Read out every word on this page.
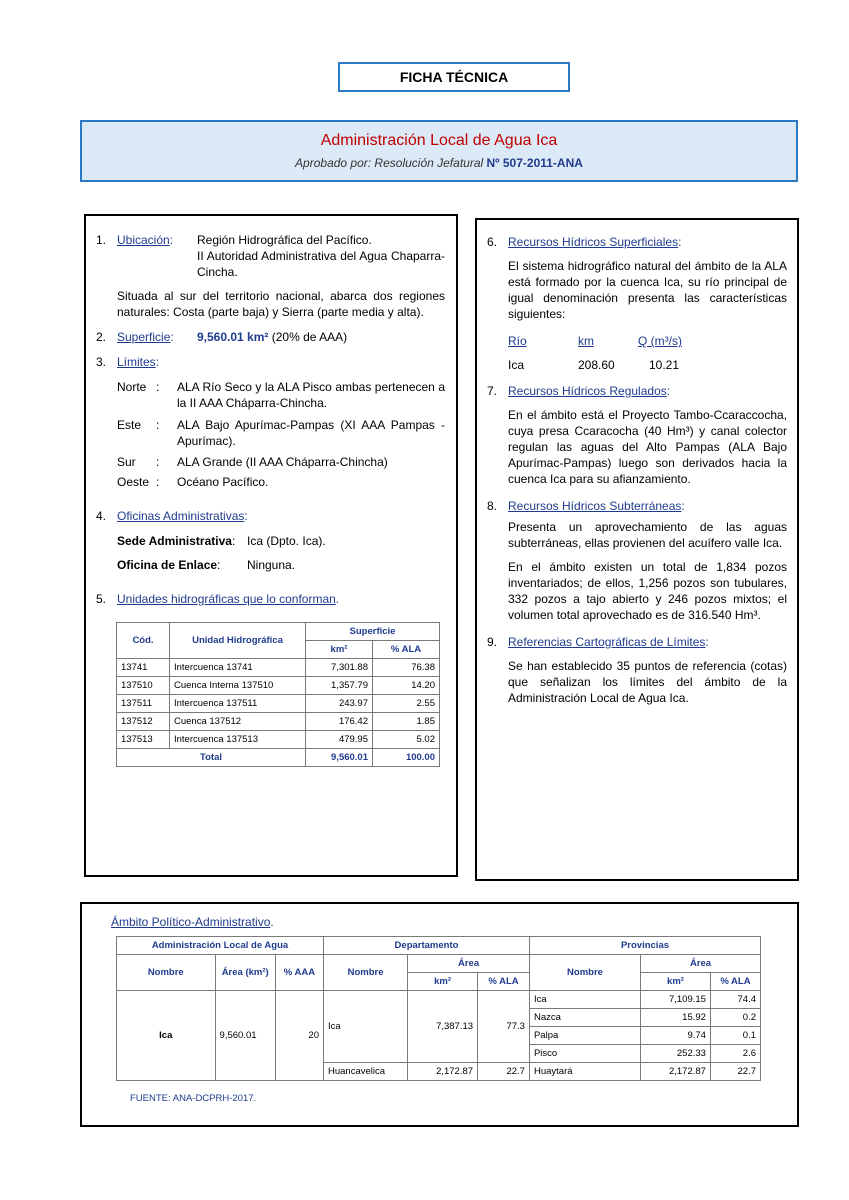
FICHA TÉCNICA
Administración Local de Agua Ica
Aprobado por: Resolución Jefatural Nº 507-2011-ANA
1. Ubicación: Región Hidrográfica del Pacífico.
II Autoridad Administrativa del Agua Chaparra-
Cincha.
Situada al sur del territorio nacional, abarca dos regiones naturales: Costa (parte baja) y Sierra (parte media y alta).
2. Superficie: 9,560.01 km² (20% de AAA)
3. Límites:
Norte : ALA Río Seco y la ALA Pisco ambas pertenecen a la II AAA Cháparra-Chincha.
Este : ALA Bajo Apurímac-Pampas (XI AAA Pampas - Apurímac).
Sur : ALA Grande (II AAA Cháparra-Chincha)
Oeste : Océano Pacífico.
4. Oficinas Administrativas:
Sede Administrativa: Ica (Dpto. Ica).
Oficina de Enlace: Ninguna.
5. Unidades hidrográficas que lo conforman.
Cód.	Unidad Hidrográfica	Superficie	
		km²	% ALA
13741	Intercuenca 13741	7,301.88	76.38
137510	Cuenca Interna 137510	1,357.79	14.20
137511	Intercuenca 137511	243.97	2.55
137512	Cuenca 137512	176.42	1.85
137513	Intercuenca 137513	479.95	5.02
Total		9,560.01	100.00
6. Recursos Hídricos Superficiales:
El sistema hidrográfico natural del ámbito de la ALA está formado por la cuenca Ica, su río principal de igual denominación presenta las características siguientes:
Río	km	Q (m³/s)
Ica	208.60	10.21
7. Recursos Hídricos Regulados:
En el ámbito está el Proyecto Tambo-Ccaraccocha, cuya presa Ccaracocha (40 Hm³) y canal colector regulan las aguas del Alto Pampas (ALA Bajo Apurímac-Pampas) luego son derivados hacia la cuenca Ica para su afianzamiento.
8. Recursos Hídricos Subterráneas:
Presenta un aprovechamiento de las aguas subterráneas, ellas provienen del acuífero valle Ica.
En el ámbito existen un total de 1,834 pozos inventariados; de ellos, 1,256 pozos son tubulares, 332 pozos a tajo abierto y 246 pozos mixtos; el volumen total aprovechado es de 316.540 Hm³.
9. Referencias Cartográficas de Límites:
Se han establecido 35 puntos de referencia (cotas) que señalizan los límites del ámbito de la Administración Local de Agua Ica.
Ámbito Político-Administrativo.
Administración Local de Agua			Departamento			Provincias		
Nombre	Área (km²)	% AAA	Nombre	Área		Nombre	Área	
				km²	% ALA		km²	% ALA
Ica	9,560.01	20	Ica	7,387.13	77.3	Ica	7,109.15	74.4
						Nazca	15.92	0.2
						Palpa	9.74	0.1
						Pisco	252.33	2.6
			Huancavelica	2,172.87	22.7	Huaytará	2,172.87	22.7
FUENTE: ANA-DCPRH-2017.
